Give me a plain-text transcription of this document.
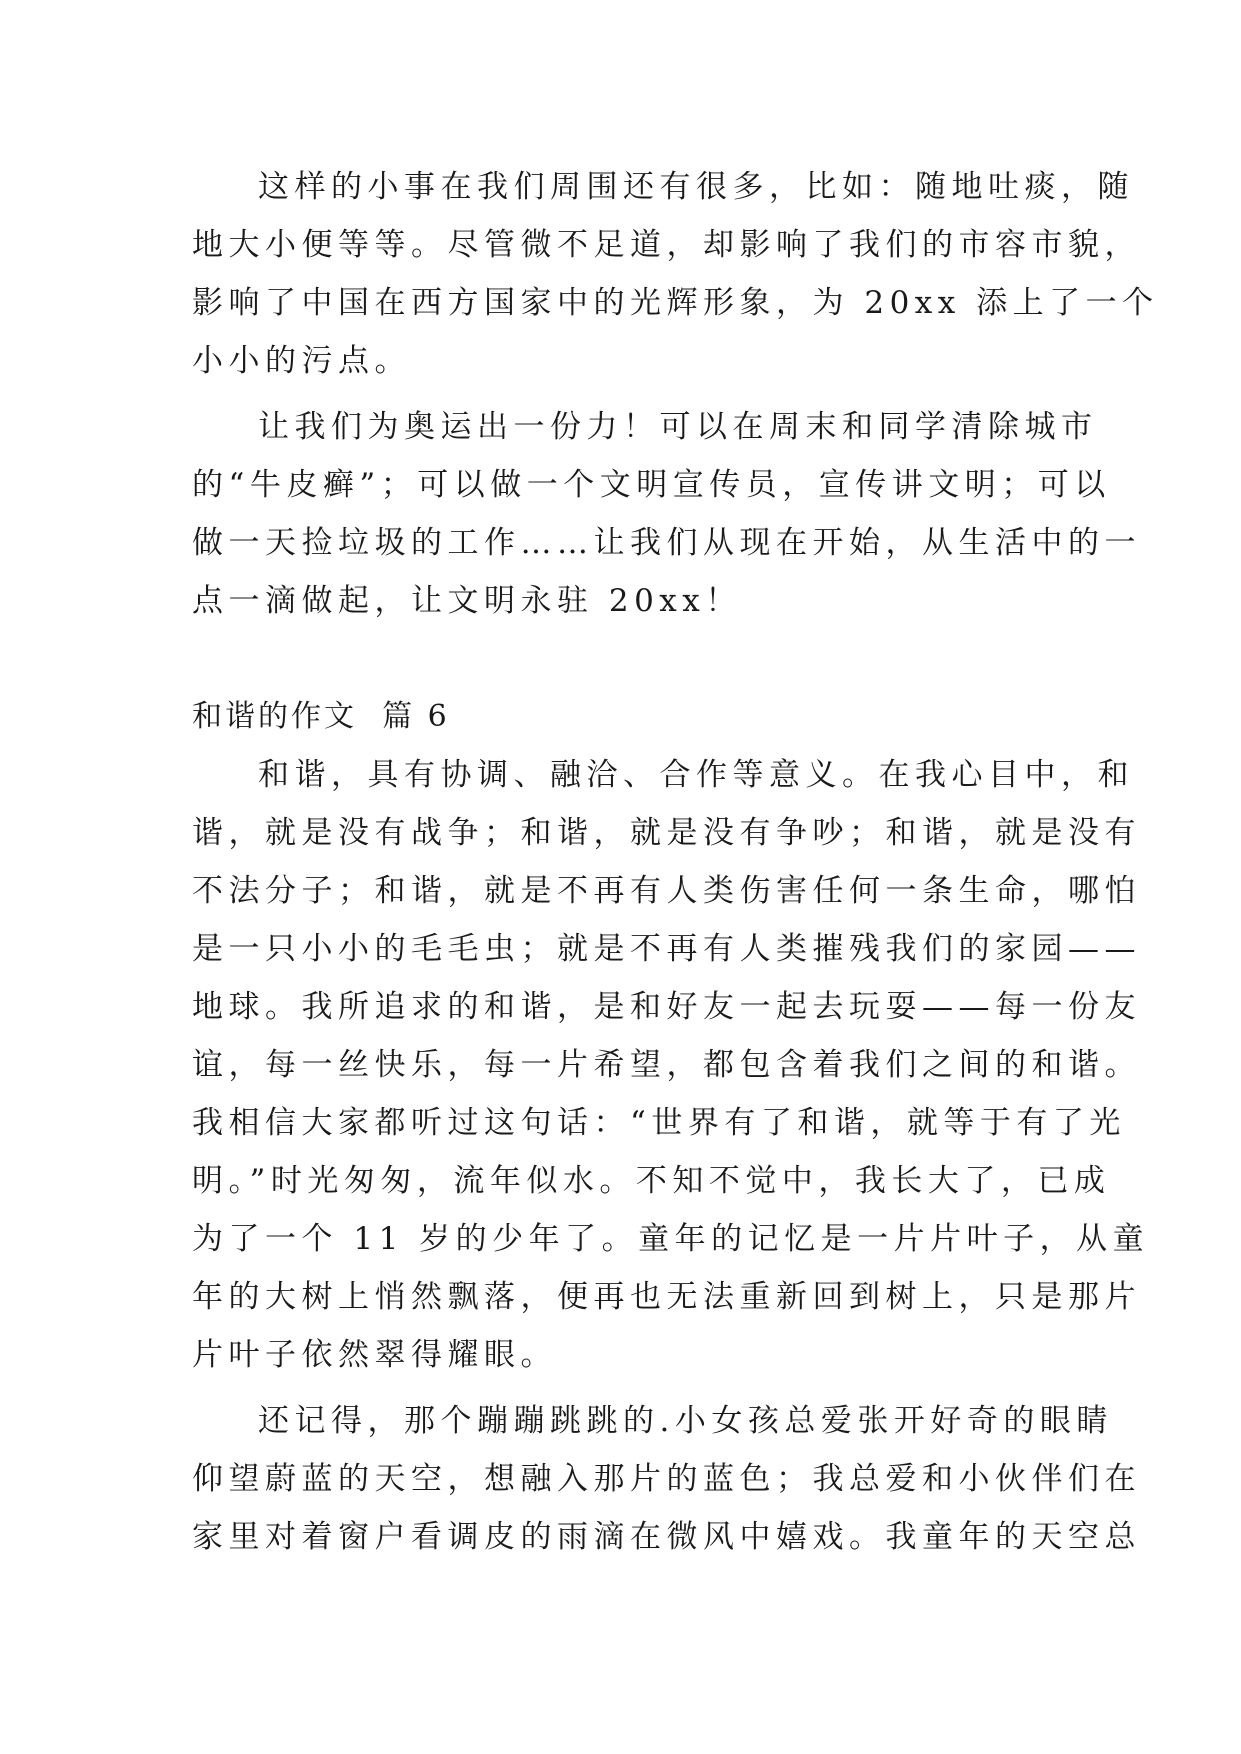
这样的小事在我们周围还有很多，比如：随地吐痰，随
地大小便等等。尽管微不足道，却影响了我们的市容市貌，
影响了中国在西方国家中的光辉形象，为 20xx 添上了一个
小小的污点。
让我们为奥运出一份力！可以在周末和同学清除城市
的“牛皮癣”；可以做一个文明宣传员，宣传讲文明；可以
做一天捡垃圾的工作……让我们从现在开始，从生活中的一
点一滴做起，让文明永驻 20xx！
和谐的作文  篇 6
和谐，具有协调、融洽、合作等意义。在我心目中，和
谐，就是没有战争；和谐，就是没有争吵；和谐，就是没有
不法分子；和谐，就是不再有人类伤害任何一条生命，哪怕
是一只小小的毛毛虫；就是不再有人类摧残我们的家园——
地球。我所追求的和谐，是和好友一起去玩耍——每一份友
谊，每一丝快乐，每一片希望，都包含着我们之间的和谐。
我相信大家都听过这句话：“世界有了和谐，就等于有了光
明。”时光匆匆，流年似水。不知不觉中，我长大了，已成
为了一个 11 岁的少年了。童年的记忆是一片片叶子，从童
年的大树上悄然飘落，便再也无法重新回到树上，只是那片
片叶子依然翠得耀眼。
还记得，那个蹦蹦跳跳的.小女孩总爱张开好奇的眼睛
仰望蔚蓝的天空，想融入那片的蓝色；我总爱和小伙伴们在
家里对着窗户看调皮的雨滴在微风中嬉戏。我童年的天空总
